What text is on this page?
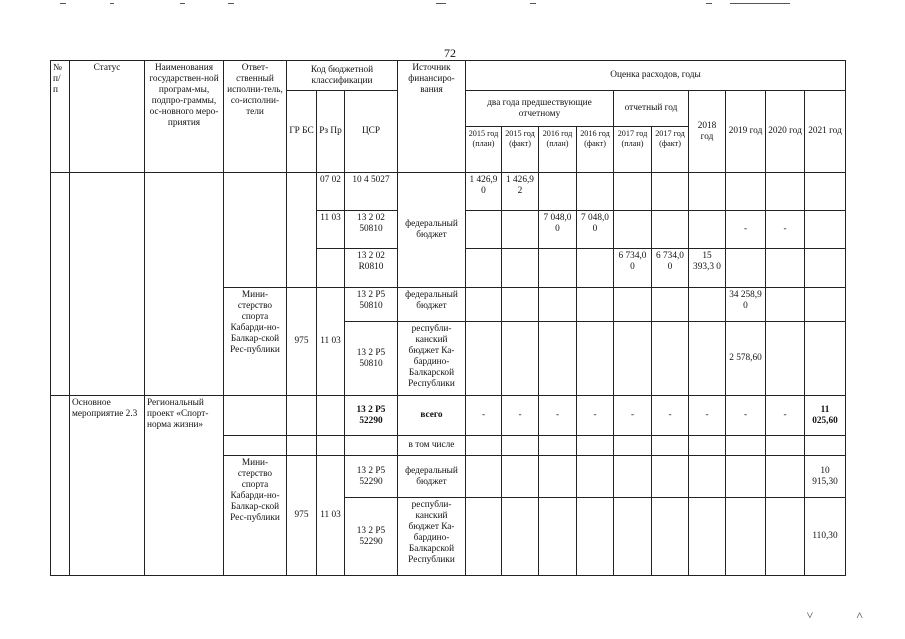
72
№ п/ п	Статус	Наименования государствен-ной програм-мы, подпро-граммы, ос-новного меро-приятия	Ответ-ственный исполни-тель, со-исполни-тели	Код бюджетной классификации			Источник финансиро-вания	Оценка расходов, годы									
				ГР БС	Рз Пр	ЦСР		два года предшествующие отчетному				отчетный год		2018 год	2019 год	2020 год	2021 год
								2015 год (план)	2015 год (факт)	2016 год (план)	2016 год (факт)	2017 год (план)	2017 год (факт)				
					07 02	10 4 5027	федеральный бюджет	1 426,9 0	1 426,9 2								
					11 03	13 2 02 50810				7 048,0 0	7 048,0 0				-	-	
						13 2 02 R0810						6 734,0 0	6 734,0 0	15 393,3 0			
			Мини-стерство спорта Кабарди-но-Балкар-ской Рес-публики	975	11 03	13 2 Р5 50810	федеральный бюджет								34 258,9 0		
						13 2 Р5 50810	республи-канский бюджет Ка-бардино-Балкарской Республики								2 578,60		
	Основное мероприятие 2.3	Региональный проект «Спорт-норма жизни»				13 2 Р5 52290	всего	-	-	-	-	-	-	-	-	-	11 025,60
							в том числе										
			Мини-стерство спорта Кабарди-но-Балкар-ской Рес-публики	975	11 03	13 2 Р5 52290	федеральный бюджет										10 915,30
						13 2 Р5 52290	республи-канский бюджет Ка-бардино-Балкарской Республики										110,30
˅ ˄
